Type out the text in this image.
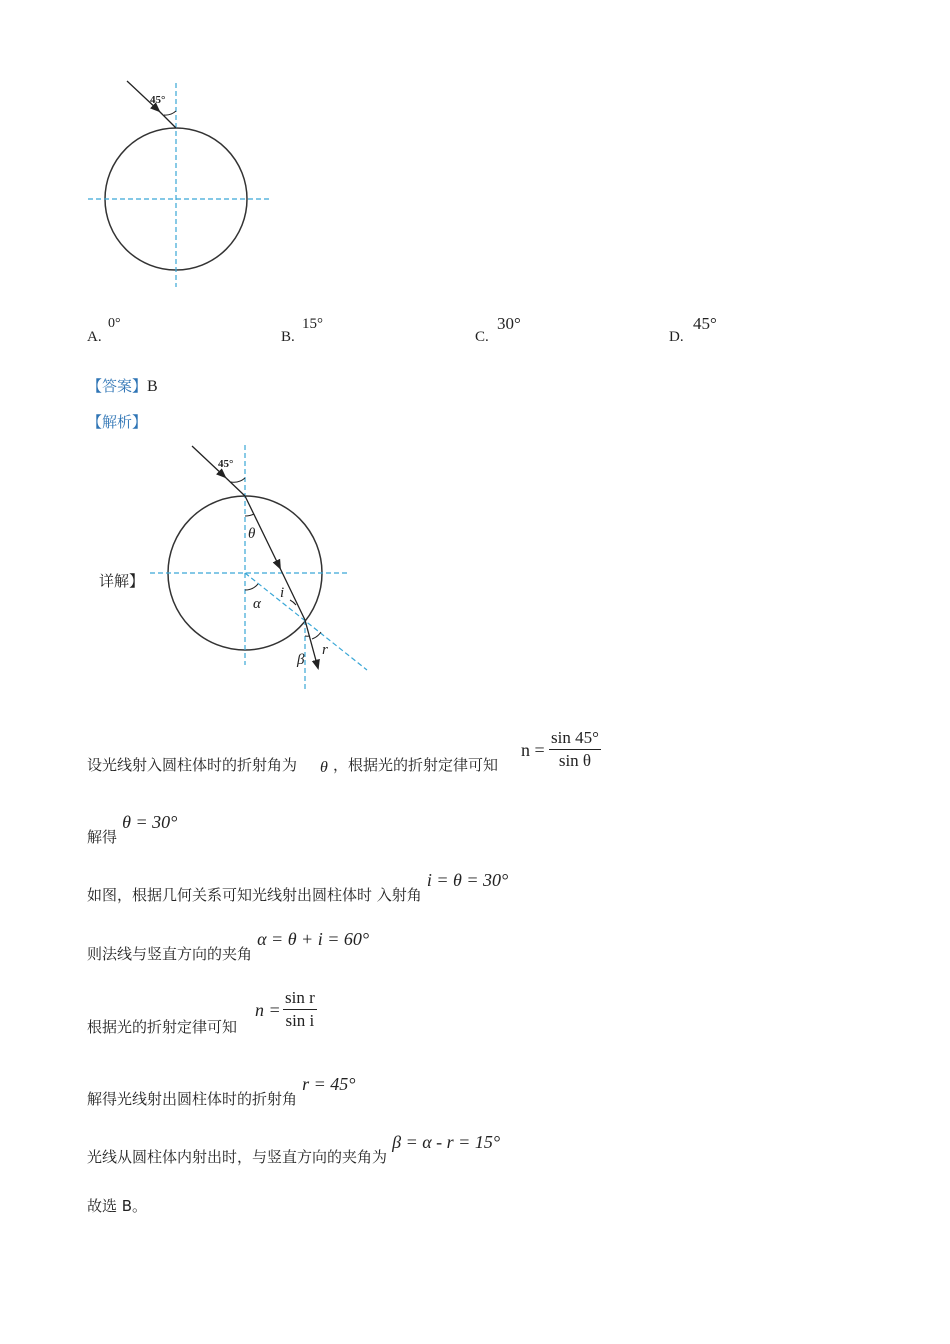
45°
A.
0°
B.
15°
C.
30°
D.
45°
【答案】B
【解析】
详解】
45°
θ
i
α
β
r
设光线射入圆柱体时的折射角为 θ ，根据光的折射定律可知
$n = \frac{\sin 45^\circ}{\text{sin θ}}$
解得 θ = 30°
如图，根据几何关系可知光线射出圆柱体时 入射角 i = θ = 30°
则法线与竖直方向的夹角 α = θ + i = 60°
根据光的折射定律可知
$n = \frac{\text{sin r}}{\text{sin i}}$
解得光线射出圆柱体时的折射角 r = 45°
光线从圆柱体内射出时，与竖直方向的夹角为 β = α - r = 15°
故选 B。
